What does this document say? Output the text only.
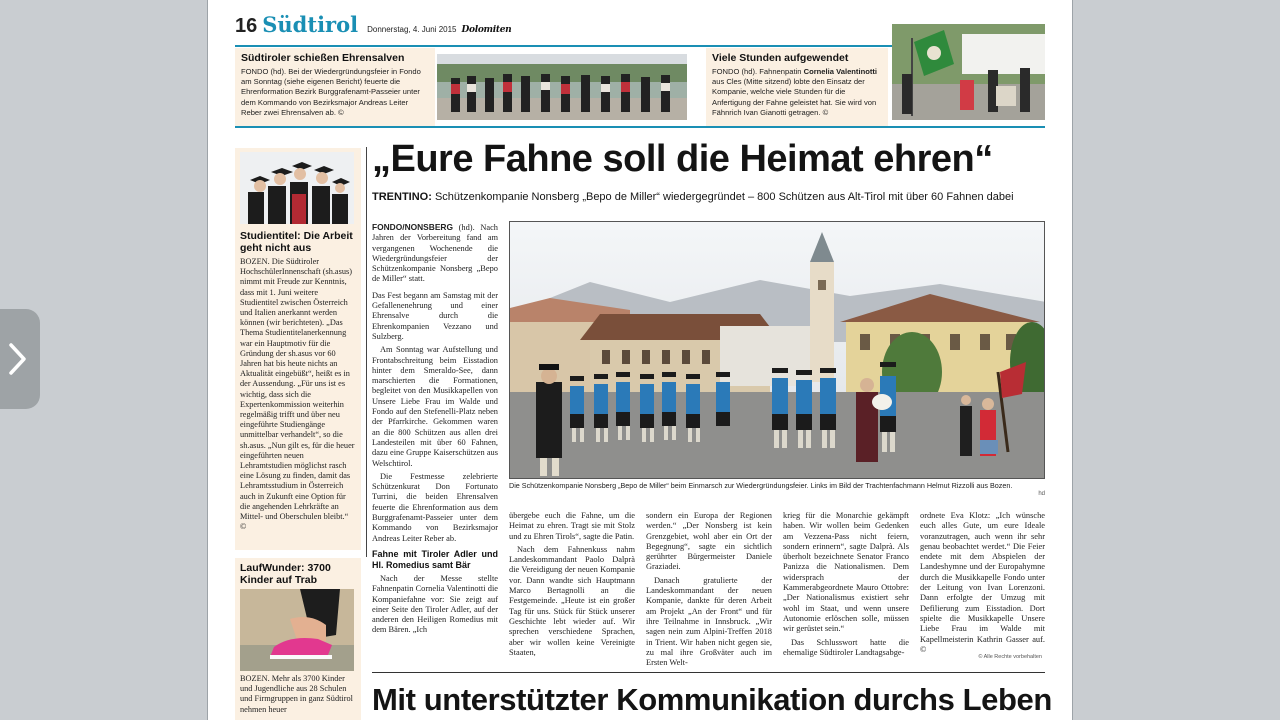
16 Südtirol Donnerstag, 4. Juni 2015 Dolomiten
Südtiroler schießen Ehrensalven

FONDO (hd). Bei der Wiedergründungsfeier in Fondo am Sonntag (siehe eigenen Bericht) feuerte die Ehrenformation Bezirk Burggrafenamt-Passeier unter dem Kommando von Bezirksmajor Andreas Leiter Reber zwei Ehrensalven ab. ©

Viele Stunden aufgewendet

FONDO (hd). Fahnenpatin Cornelia Valentinotti aus Cles (Mitte sitzend) lobte den Einsatz der Kompanie, welche viele Stunden für die Anfertigung der Fahne geleistet hat. Sie wird von Fähnrich Ivan Gianotti getragen. ©

Studientitel: Die Arbeit geht nicht aus

BOZEN. Die Südtiroler HochschülerInnenschaft (sh.asus) nimmt mit Freude zur Kenntnis, dass mit 1. Juni weitere Studientitel zwischen Österreich und Italien anerkannt werden können (wir berichteten). „Das Thema Studientitelanerkennung war ein Hauptmotiv für die Gründung der sh.asus vor 60 Jahren hat bis heute nichts an Aktualität eingebüßt“, heißt es in der Aussendung. „Für uns ist es wichtig, dass sich die Expertenkommission weiterhin regelmäßig trifft und über neu eingeführte Studiengänge unmittelbar verhandelt“, so die sh.asus. „Nun gilt es, für die heuer eingeführten neuen Lehramtstudien möglichst rasch eine Lösung zu finden, damit das Lehramtsstudium in Österreich auch in Zukunft eine Option für die angehenden Lehrkräfte an Mittel- und Oberschulen bleibt.“ ©

LaufWunder: 3700 Kinder auf Trab

BOZEN. Mehr als 3700 Kinder und Jugendliche aus 28 Schulen und Firmgruppen in ganz Südtirol nehmen heuer

„Eure Fahne soll die Heimat ehren“
TRENTINO: Schützenkompanie Nonsberg „Bepo de Miller“ wiedergegründet – 800 Schützen aus Alt-Tirol mit über 60 Fahnen dabei

FONDO/NONSBERG (hd). Nach Jahren der Vorbereitung fand am vergangenen Wochenende die Wiedergründungsfeier der Schützenkompanie Nonsberg „Bepo de Miller“ statt.

Das Fest begann am Samstag mit der Gefallenenehrung und einer Ehrensalve durch die Ehrenkompanien Vezzano und Sulzberg.

Am Sonntag war Aufstellung und Frontabschreitung beim Eisstadion hinter dem Smeraldo-See, dann marschierten die Formationen, begleitet von den Musikkapellen von Unsere Liebe Frau im Walde und Fondo auf den Stefenelli-Platz neben der Pfarrkirche. Gekommen waren an die 800 Schützen aus allen drei Landesteilen mit über 60 Fahnen, dazu eine Gruppe Kaiserschützen aus Welschtirol.

Die Festmesse zelebrierte Schützenkurat Don Fortunato Turrini, die beiden Ehrensalven feuerte die Ehrenformation aus dem Burggrafenamt-Passeier unter dem Kommando von Bezirksmajor Andreas Leiter Reber ab.

Fahne mit Tiroler Adler und Hl. Romedius samt Bär

Nach der Messe stellte Fahnenpatin Cornelia Valentinotti die Kompaniefahne vor: Sie zeigt auf einer Seite den Tiroler Adler, auf der anderen den Heiligen Romedius mit dem Bären. „Ich

Die Schützenkompanie Nonsberg „Bepo de Miller“ beim Einmarsch zur Wiedergründungsfeier. Links im Bild der Trachtenfachmann Helmut Rizzolli aus Bozen.
hd

übergebe euch die Fahne, um die Heimat zu ehren. Tragt sie mit Stolz und zu Ehren Tirols“, sagte die Patin.

Nach dem Fahnenkuss nahm Landeskommandant Paolo Dalprà die Vereidigung der neuen Kompanie vor. Dann wandte sich Hauptmann Marco Bertagnolli an die Festgemeinde. „Heute ist ein großer Tag für uns. Stück für Stück unserer Geschichte lebt wieder auf. Wir sprechen verschiedene Sprachen, aber wir wollen keine Vereinigte Staaten,

sondern ein Europa der Regionen werden.“ „Der Nonsberg ist kein Grenzgebiet, wohl aber ein Ort der Begegnung“, sagte ein sichtlich gerührter Bürgermeister Daniele Graziadei.

Danach gratulierte der Landeskommandant der neuen Kompanie, dankte für deren Arbeit am Projekt „An der Front“ und für ihre Teilnahme in Innsbruck. „Wir sagen nein zum Alpini-Treffen 2018 in Trient. Wir haben nicht gegen sie, zu mal ihre Großväter auch im Ersten Welt-

krieg für die Monarchie gekämpft haben. Wir wollen beim Gedenken am Vezzena-Pass nicht feiern, sondern erinnern“, sagte Dalprà. Als überholt bezeichnete Senator Franco Panizza die Nationalismen. Dem widersprach der Kammerabgeordnete Mauro Ottobre: „Der Nationalismus existiert sehr wohl im Staat, und wenn unsere Autonomie erlöschen solle, müssen wir gerüstet sein.“

Das Schlusswort hatte die ehemalige Südtiroler Landtagsabge-

ordnete Eva Klotz: „Ich wünsche euch alles Gute, um eure Ideale voranzutragen, auch wenn ihr sehr genau beobachtet werdet.“ Die Feier endete mit dem Abspielen der Landeshymne und der Europahymne durch die Musikkapelle Fondo unter der Leitung von Ivan Lorenzoni. Dann erfolgte der Umzug mit Defilierung zum Eisstadion. Dort spielte die Musikkapelle Unsere Liebe Frau im Walde mit Kapellmeisterin Kathrin Gasser auf. ©

© Alle Rechte vorbehalten
Mit unterstützter Kommunikation durchs Leben
